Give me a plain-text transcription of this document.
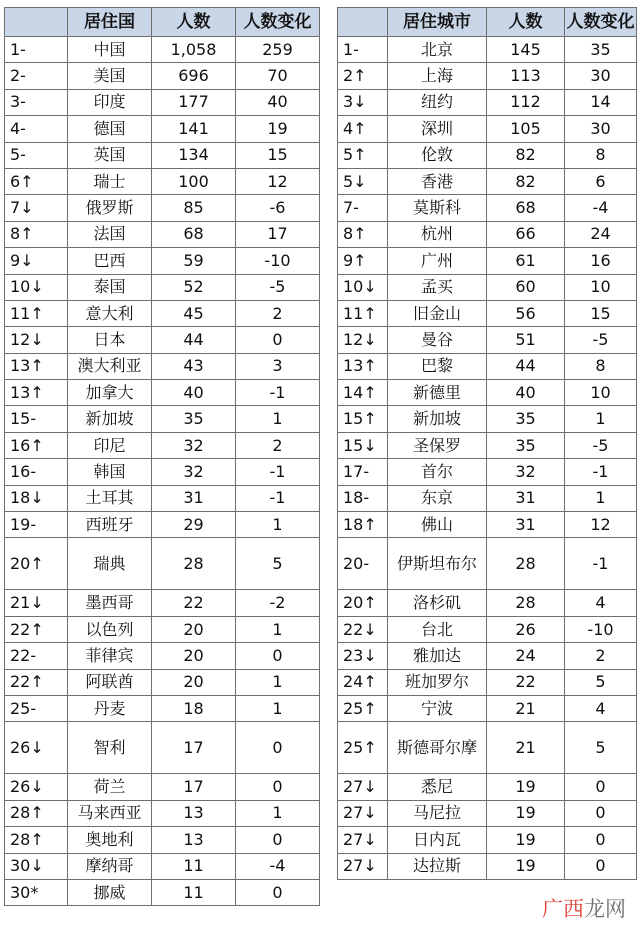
	居住国	人数	人数变化
1-	中国	1,058	259
2-	美国	696	70
3-	印度	177	40
4-	德国	141	19
5-	英国	134	15
6↑	瑞士	100	12
7↓	俄罗斯	85	-6
8↑	法国	68	17
9↓	巴西	59	-10
10↓	泰国	52	-5
11↑	意大利	45	2
12↓	日本	44	0
13↑	澳大利亚	43	3
13↑	加拿大	40	-1
15-	新加坡	35	1
16↑	印尼	32	2
16-	韩国	32	-1
18↓	土耳其	31	-1
19-	西班牙	29	1
20↑	瑞典	28	5
21↓	墨西哥	22	-2
22↑	以色列	20	1
22-	菲律宾	20	0
22↑	阿联酋	20	1
25-	丹麦	18	1
26↓	智利	17	0
26↓	荷兰	17	0
28↑	马来西亚	13	1
28↑	奥地利	13	0
30↓	摩纳哥	11	-4
30*	挪威	11	0
	居住城市	人数	人数变化
1-	北京	145	35
2↑	上海	113	30
3↓	纽约	112	14
4↑	深圳	105	30
5↑	伦敦	82	8
5↓	香港	82	6
7-	莫斯科	68	-4
8↑	杭州	66	24
9↑	广州	61	16
10↓	孟买	60	10
11↑	旧金山	56	15
12↓	曼谷	51	-5
13↑	巴黎	44	8
14↑	新德里	40	10
15↑	新加坡	35	1
15↓	圣保罗	35	-5
17-	首尔	32	-1
18-	东京	31	1
18↑	佛山	31	12
20-	伊斯坦布尔	28	-1
20↑	洛杉矶	28	4
22↓	台北	26	-10
23↓	雅加达	24	2
24↑	班加罗尔	22	5
25↑	宁波	21	4
25↑	斯德哥尔摩	21	5
27↓	悉尼	19	0
27↓	马尼拉	19	0
27↓	日内瓦	19	0
27↓	达拉斯	19	0
广西龙网
